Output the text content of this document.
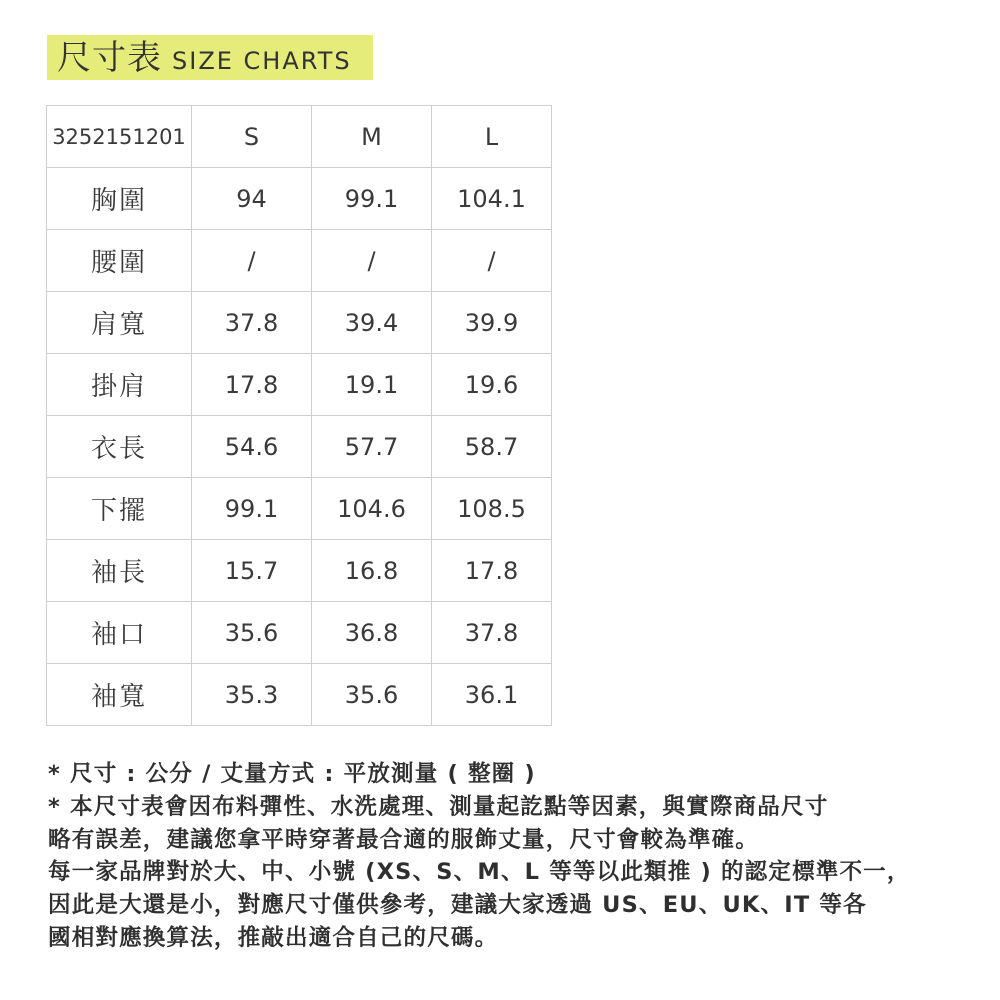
尺寸表 SIZE CHARTS
3252151201	S	M	L
胸圍	94	99.1	104.1
腰圍	/	/	/
肩寬	37.8	39.4	39.9
掛肩	17.8	19.1	19.6
衣長	54.6	57.7	58.7
下擺	99.1	104.6	108.5
袖長	15.7	16.8	17.8
袖口	35.6	36.8	37.8
袖寬	35.3	35.6	36.1
* 尺寸 : 公分 / 丈量方式 : 平放測量 ( 整圈 )
* 本尺寸表會因布料彈性、水洗處理、測量起訖點等因素，與實際商品尺寸
略有誤差，建議您拿平時穿著最合適的服飾丈量，尺寸會較為準確。
每一家品牌對於大、中、小號 (XS、S、M、L 等等以此類推 ) 的認定標準不一，
因此是大還是小，對應尺寸僅供參考，建議大家透過 US、EU、UK、IT 等各
國相對應換算法，推敲出適合自己的尺碼。
